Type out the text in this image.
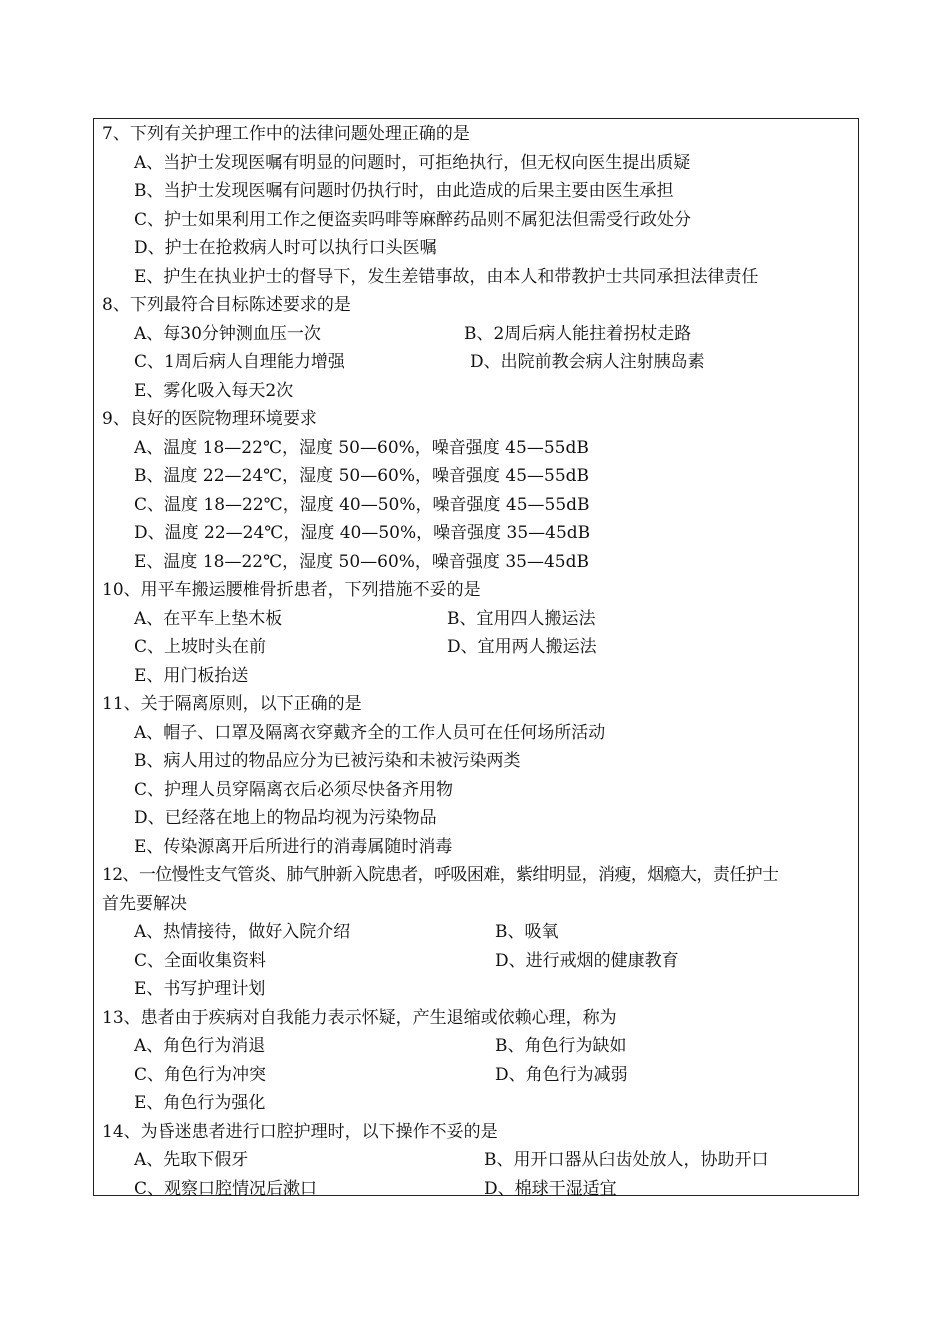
7、下列有关护理工作中的法律问题处理正确的是
A、当护士发现医嘱有明显的问题时，可拒绝执行，但无权向医生提出质疑
B、当护士发现医嘱有问题时仍执行时，由此造成的后果主要由医生承担
C、护士如果利用工作之便盗卖吗啡等麻醉药品则不属犯法但需受行政处分
D、护士在抢救病人时可以执行口头医嘱
E、护生在执业护士的督导下，发生差错事故，由本人和带教护士共同承担法律责任
8、下列最符合目标陈述要求的是
A、每30分钟测血压一次	B、2周后病人能拄着拐杖走路
C、1周后病人自理能力增强	D、出院前教会病人注射胰岛素
E、雾化吸入每天2次
9、良好的医院物理环境要求
A、温度 18—22℃，湿度 50—60%，噪音强度 45—55dB
B、温度 22—24℃，湿度 50—60%，噪音强度 45—55dB
C、温度 18—22℃，湿度 40—50%，噪音强度 45—55dB
D、温度 22—24℃，湿度 40—50%，噪音强度 35—45dB
E、温度 18—22℃，湿度 50—60%，噪音强度 35—45dB
10、用平车搬运腰椎骨折患者，下列措施不妥的是
A、在平车上垫木板	B、宜用四人搬运法
C、上坡时头在前	D、宜用两人搬运法
E、用门板抬送
11、关于隔离原则，以下正确的是
A、帽子、口罩及隔离衣穿戴齐全的工作人员可在任何场所活动
B、病人用过的物品应分为已被污染和未被污染两类
C、护理人员穿隔离衣后必须尽快备齐用物
D、已经落在地上的物品均视为污染物品
E、传染源离开后所进行的消毒属随时消毒
12、一位慢性支气管炎、肺气肿新入院患者，呼吸困难，紫绀明显，消瘦，烟瘾大，责任护士
首先要解决
A、热情接待，做好入院介绍	B、吸氧
C、全面收集资料	D、进行戒烟的健康教育
E、书写护理计划
13、患者由于疾病对自我能力表示怀疑，产生退缩或依赖心理，称为
A、角色行为消退	B、角色行为缺如
C、角色行为冲突	D、角色行为减弱
E、角色行为强化
14、为昏迷患者进行口腔护理时，以下操作不妥的是
A、先取下假牙	B、用开口器从臼齿处放人，协助开口
C、观察口腔情况后漱口	D、棉球干湿适宜
